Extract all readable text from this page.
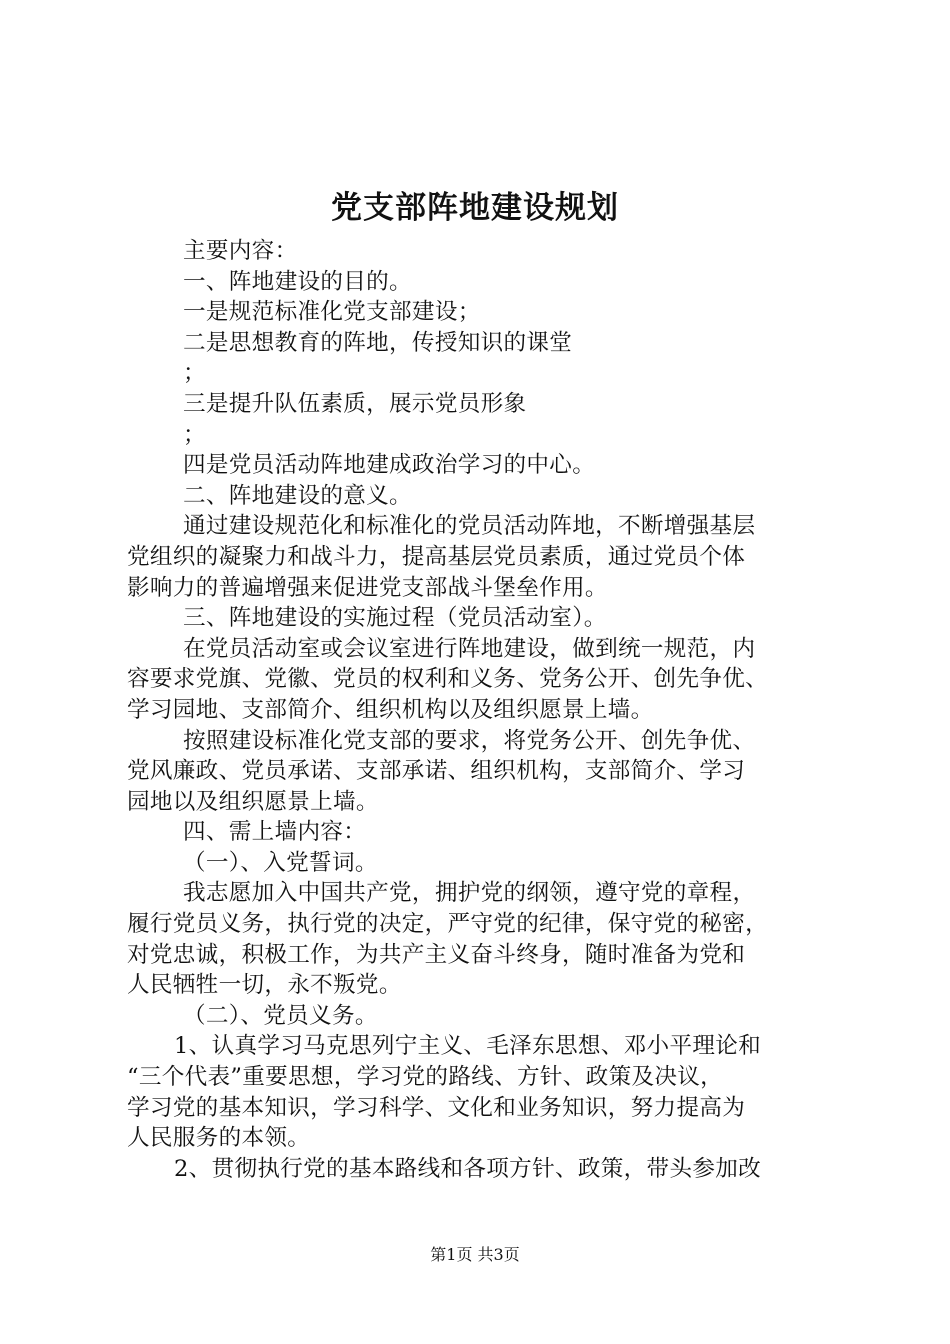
党支部阵地建设规划
主要内容：
一、阵地建设的目的。
一是规范标准化党支部建设；
二是思想教育的阵地，传授知识的课堂
；
三是提升队伍素质，展示党员形象
；
四是党员活动阵地建成政治学习的中心。
二、阵地建设的意义。
通过建设规范化和标准化的党员活动阵地，不断增强基层
党组织的凝聚力和战斗力，提高基层党员素质，通过党员个体
影响力的普遍增强来促进党支部战斗堡垒作用。
三、阵地建设的实施过程（党员活动室）。
在党员活动室或会议室进行阵地建设，做到统一规范，内
容要求党旗、党徽、党员的权利和义务、党务公开、创先争优、
学习园地、支部简介、组织机构以及组织愿景上墙。
按照建设标准化党支部的要求，将党务公开、创先争优、
党风廉政、党员承诺、支部承诺、组织机构，支部简介、学习
园地以及组织愿景上墙。
四、需上墙内容：
（一）、入党誓词。
我志愿加入中国共产党，拥护党的纲领，遵守党的章程，
履行党员义务，执行党的决定，严守党的纪律，保守党的秘密，
对党忠诚，积极工作，为共产主义奋斗终身，随时准备为党和
人民牺牲一切，永不叛党。
（二）、党员义务。
1、认真学习马克思列宁主义、毛泽东思想、邓小平理论和
“三个代表”重要思想，学习党的路线、方针、政策及决议，
学习党的基本知识，学习科学、文化和业务知识，努力提高为
人民服务的本领。
2、贯彻执行党的基本路线和各项方针、政策，带头参加改
第1页 共3页
